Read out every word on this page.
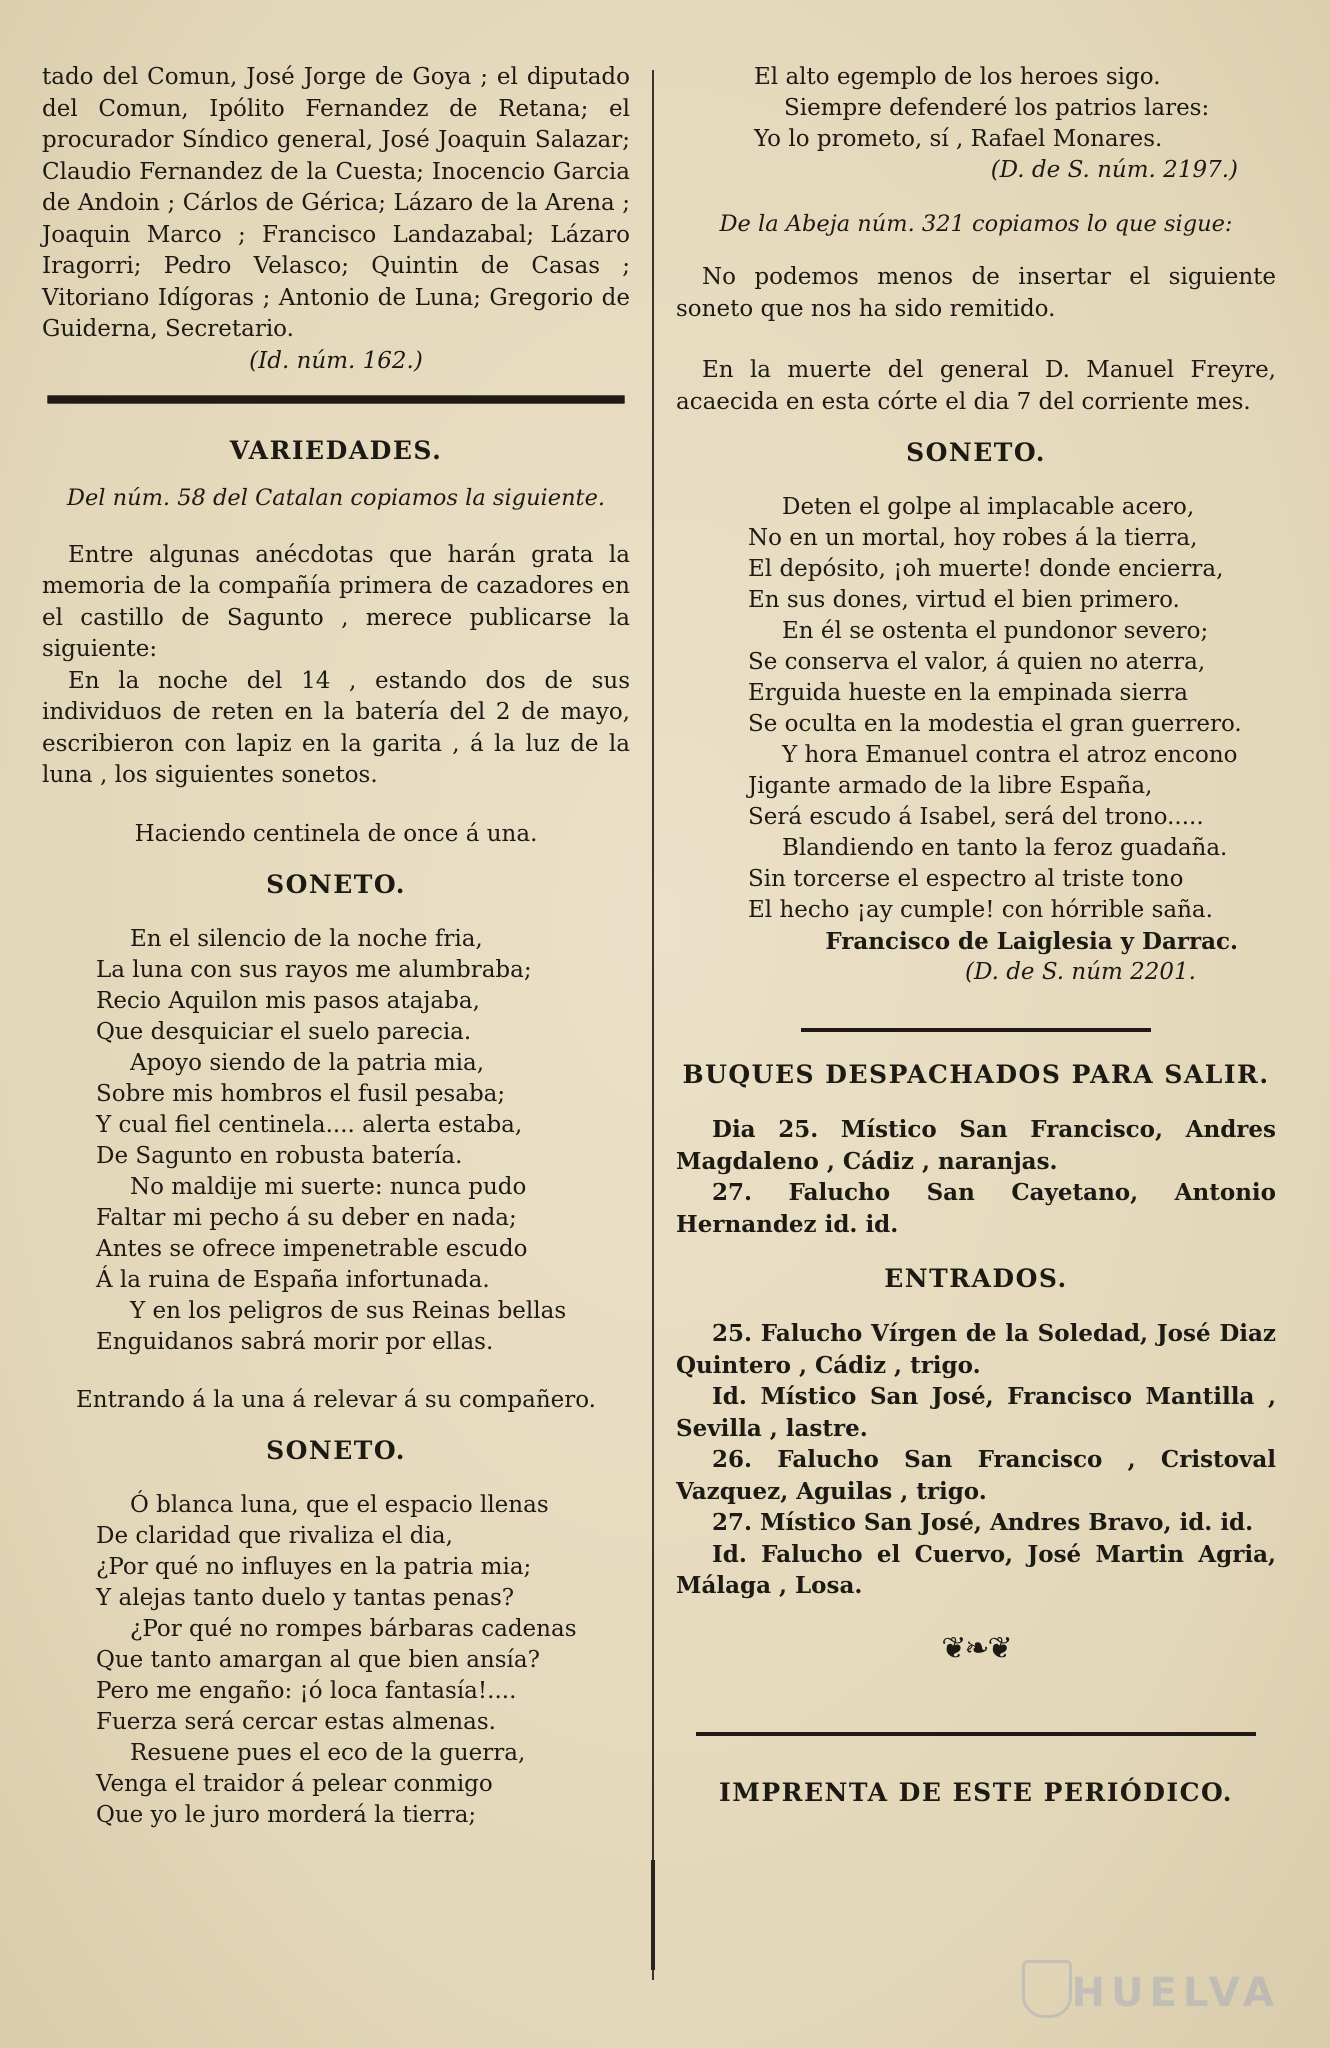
tado del Comun, José Jorge de Goya ; el diputado del Comun, Ipólito Fernandez de Retana; el procurador Síndico general, José Joaquin Salazar; Claudio Fernandez de la Cuesta; Inocencio Garcia de Andoin ; Cárlos de Gérica; Lázaro de la Arena ; Joaquin Marco ; Francisco Landazabal; Lázaro Iragorri; Pedro Velasco; Quintin de Casas ; Vitoriano Idígoras ; Antonio de Luna; Gregorio de Guiderna, Secretario.

(Id. núm. 162.)

VARIEDADES.

Del núm. 58 del Catalan copiamos la siguiente.

Entre algunas anécdotas que harán grata la memoria de la compañía primera de cazadores en el castillo de Sagunto , merece publicarse la siguiente:

En la noche del 14 , estando dos de sus individuos de reten en la batería del 2 de mayo, escribieron con lapiz en la garita , á la luz de la luna , los siguientes sonetos.

Haciendo centinela de once á una.

SONETO.
En el silencio de la noche fria,
La luna con sus rayos me alumbraba;
Recio Aquilon mis pasos atajaba,
Que desquiciar el suelo parecia.
Apoyo siendo de la patria mia,
Sobre mis hombros el fusil pesaba;
Y cual fiel centinela.... alerta estaba,
De Sagunto en robusta batería.
No maldije mi suerte: nunca pudo
Faltar mi pecho á su deber en nada;
Antes se ofrece impenetrable escudo
Á la ruina de España infortunada.
Y en los peligros de sus Reinas bellas
Enguidanos sabrá morir por ellas.

Entrando á la una á relevar á su compañero.

SONETO.
Ó blanca luna, que el espacio llenas
De claridad que rivaliza el dia,
¿Por qué no influyes en la patria mia;
Y alejas tanto duelo y tantas penas?
¿Por qué no rompes bárbaras cadenas
Que tanto amargan al que bien ansía?
Pero me engaño: ¡ó loca fantasía!....
Fuerza será cercar estas almenas.
Resuene pues el eco de la guerra,
Venga el traidor á pelear conmigo
Que yo le juro morderá la tierra;
El alto egemplo de los heroes sigo.
Siempre defenderé los patrios lares:
Yo lo prometo, sí , Rafael Monares.

(D. de S. núm. 2197.)

De la Abeja núm. 321 copiamos lo que sigue:

No podemos menos de insertar el siguiente soneto que nos ha sido remitido.

En la muerte del general D. Manuel Freyre, acaecida en esta córte el dia 7 del corriente mes.

SONETO.
Deten el golpe al implacable acero,
No en un mortal, hoy robes á la tierra,
El depósito, ¡oh muerte! donde encierra,
En sus dones, virtud el bien primero.
En él se ostenta el pundonor severo;
Se conserva el valor, á quien no aterra,
Erguida hueste en la empinada sierra
Se oculta en la modestia el gran guerrero.
Y hora Emanuel contra el atroz encono
Jigante armado de la libre España,
Será escudo á Isabel, será del trono.....
Blandiendo en tanto la feroz guadaña.
Sin torcerse el espectro al triste tono
El hecho ¡ay cumple! con hórrible saña.

Francisco de Laiglesia y Darrac.

(D. de S. núm 2201.

BUQUES DESPACHADOS PARA SALIR.

Dia 25. Místico San Francisco, Andres Magdaleno , Cádiz , naranjas.

27. Falucho San Cayetano, Antonio Hernandez id. id.

ENTRADOS.

25. Falucho Vírgen de la Soledad, José Diaz Quintero , Cádiz , trigo.

Id. Místico San José, Francisco Mantilla , Sevilla , lastre.

26. Falucho San Francisco , Cristoval Vazquez, Aguilas , trigo.

27. Místico San José, Andres Bravo, id. id.

Id. Falucho el Cuervo, José Martin Agria, Málaga , Losa.

❦❧❦

IMPRENTA DE ESTE PERIÓDICO.

HUELVA
